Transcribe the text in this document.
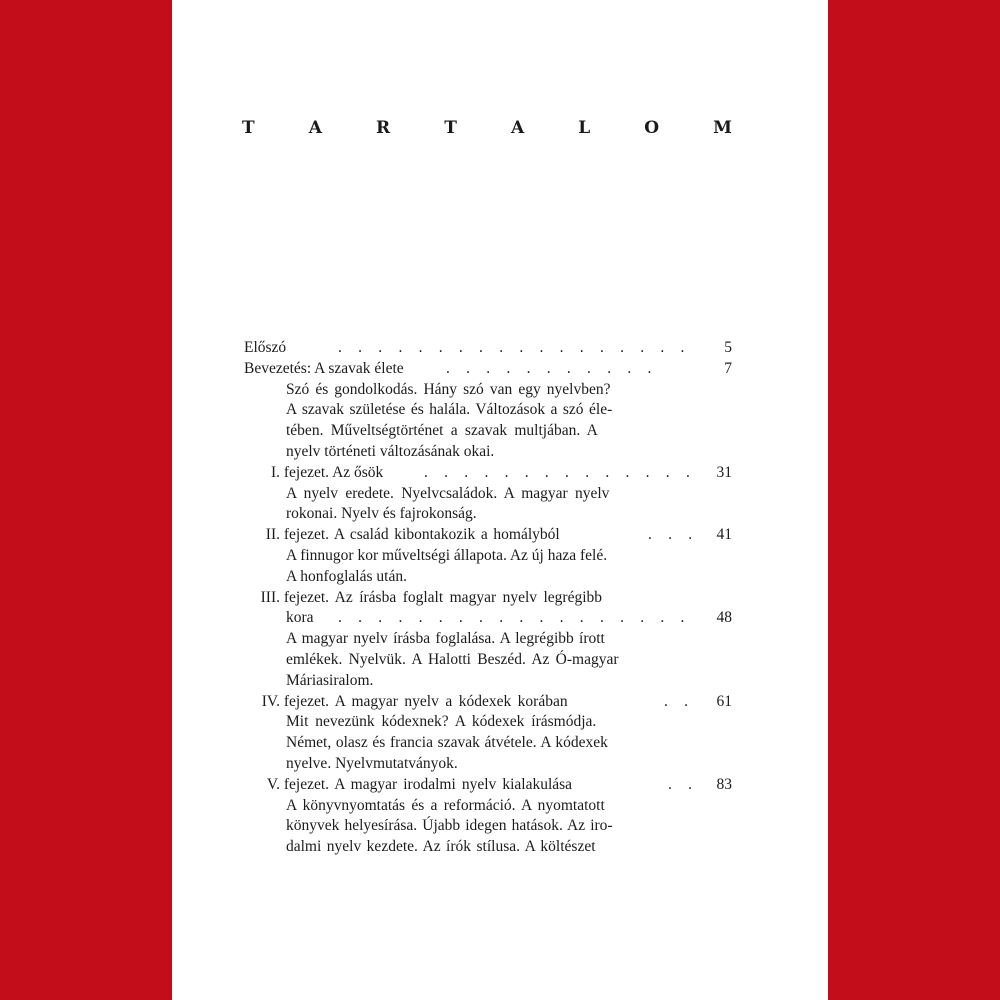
T	A	R	T	A	L	O	M
Előszó	. . . . . . . . . . . . . . . . . . 5
Bevezetés: A szavak élete	. . . . . . . . . . .	7
Szó és gondolkodás. Hány szó van egy nyelvben?
A szavak születése és halála. Változások a szó éle-
tében. Műveltségtörténet a szavak multjában. A
nyelv történeti változásának okai.
I. fejezet. Az ősök	. . . . . . . . . . . . . . 31
A nyelv eredete. Nyelvcsaládok. A magyar nyelv
rokonai. Nyelv és fajrokonság.
II. fejezet. A család kibontakozik a homályból	. . . 41
A finnugor kor műveltségi állapota. Az új haza felé.
A honfoglalás után.
III. fejezet. Az írásba foglalt magyar nyelv legrégibb
kora . . . . . . . . . . . . . . . . . . 48
A magyar nyelv írásba foglalása. A legrégibb írott
emlékek. Nyelvük. A Halotti Beszéd. Az Ó-magyar
Máriasiralom.
IV. fejezet. A magyar nyelv a kódexek korában	. . 61
Mit nevezünk kódexnek? A kódexek írásmódja.
Német, olasz és francia szavak átvétele. A kódexek
nyelve. Nyelvmutatványok.
V. fejezet. A magyar irodalmi nyelv kialakulása	. . 83
A könyvnyomtatás és a reformáció. A nyomtatott
könyvek helyesírása. Újabb idegen hatások. Az iro-
dalmi nyelv kezdete. Az írók stílusa. A költészet
